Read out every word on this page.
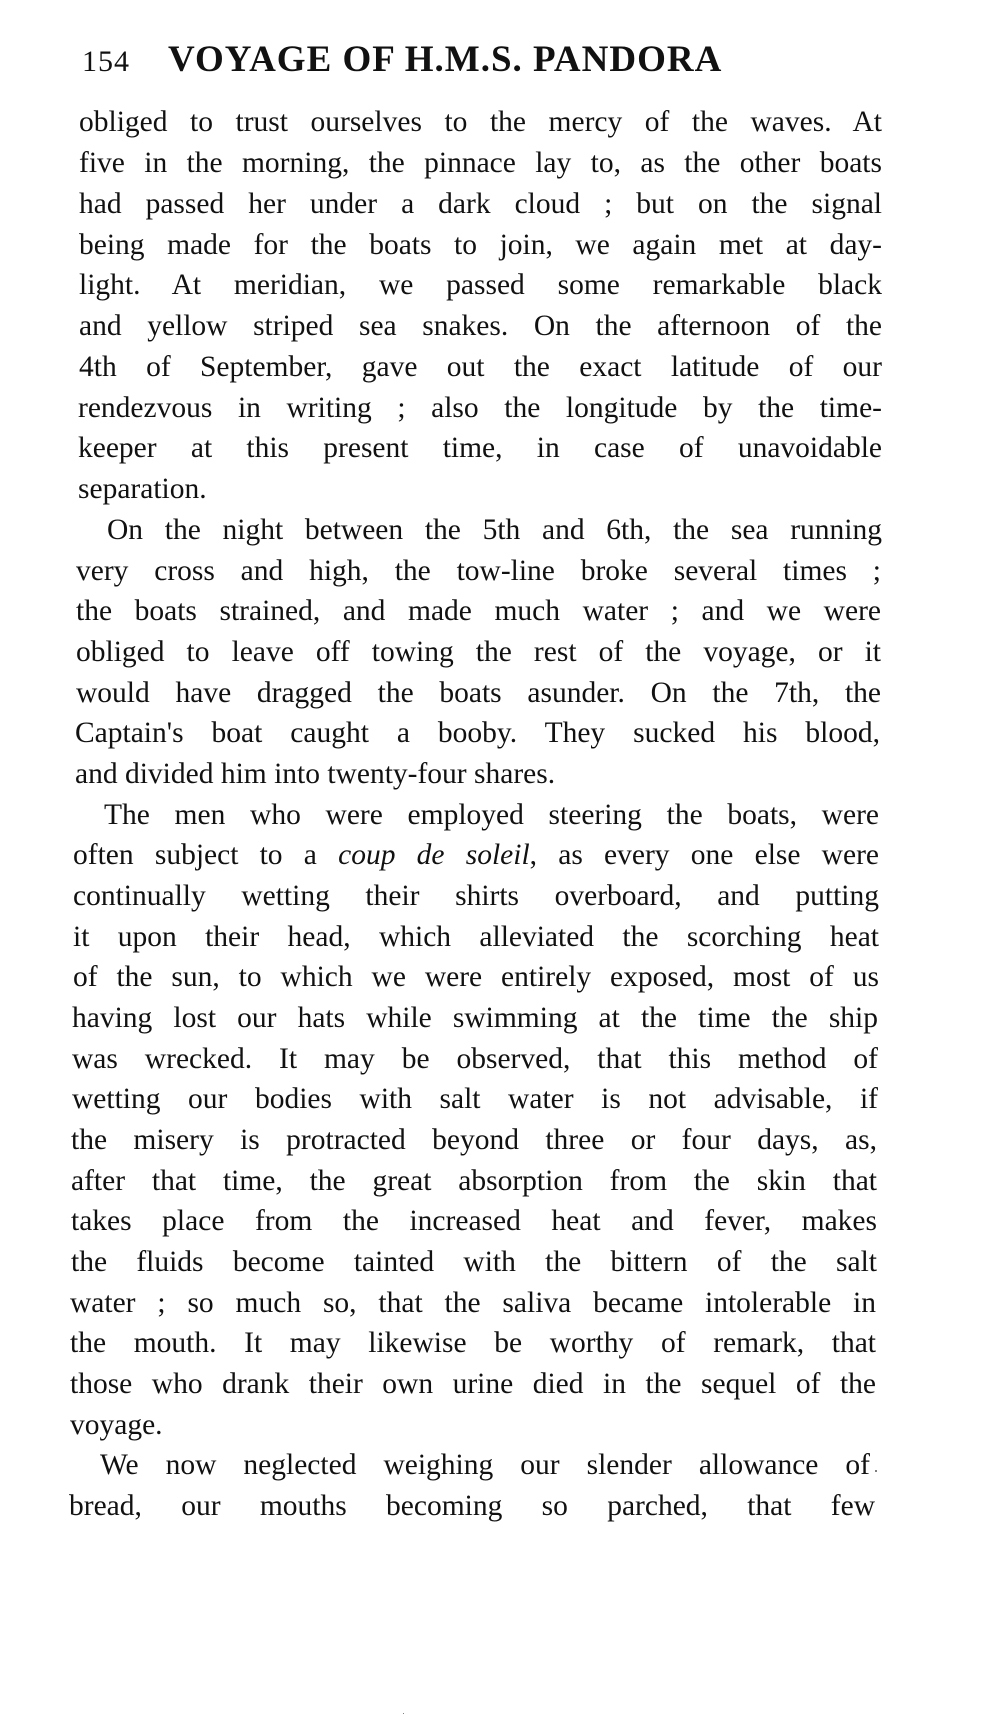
154 VOYAGE OF H.M.S. PANDORA
obliged to trust ourselves to the mercy of the waves. At
five in the morning, the pinnace lay to, as the other boats
had passed her under a dark cloud ; but on the signal
being made for the boats to join, we again met at day-
light. At meridian, we passed some remarkable black
and yellow striped sea snakes. On the afternoon of the
4th of September, gave out the exact latitude of our
rendezvous in writing ; also the longitude by the time-
keeper at this present time, in case of unavoidable
separation.
On the night between the 5th and 6th, the sea running
very cross and high, the tow-line broke several times ;
the boats strained, and made much water ; and we were
obliged to leave off towing the rest of the voyage, or it
would have dragged the boats asunder. On the 7th, the
Captain's boat caught a booby. They sucked his blood,
and divided him into twenty-four shares.
The men who were employed steering the boats, were
often subject to a coup de soleil, as every one else were
continually wetting their shirts overboard, and putting
it upon their head, which alleviated the scorching heat
of the sun, to which we were entirely exposed, most of us
having lost our hats while swimming at the time the ship
was wrecked. It may be observed, that this method of
wetting our bodies with salt water is not advisable, if
the misery is protracted beyond three or four days, as,
after that time, the great absorption from the skin that
takes place from the increased heat and fever, makes
the fluids become tainted with the bittern of the salt
water ; so much so, that the saliva became intolerable in
the mouth. It may likewise be worthy of remark, that
those who drank their own urine died in the sequel of the
voyage.
We now neglected weighing our slender allowance of
bread, our mouths becoming so parched, that few
